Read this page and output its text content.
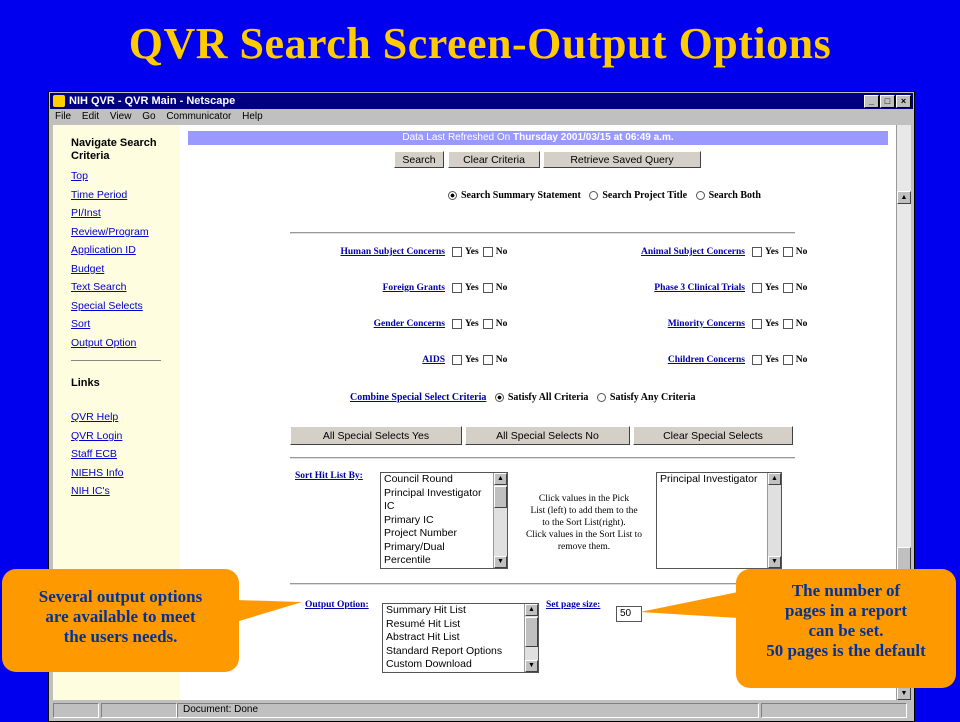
QVR Search Screen-Output Options
NIH QVR - QVR Main - Netscape	_	□	×
File Edit View Go Communicator Help
Navigate Search Criteria
Top
Time Period
PI/Inst
Review/Program
Application ID
Budget
Text Search
Special Selects
Sort
Output Option
Links
QVR Help
QVR Login
Staff ECB
NIEHS Info
NIH IC's
Data Last Refreshed On Thursday 2001/03/15 at 06:49 a.m.
Search	Clear Criteria	Retrieve Saved Query
Search Summary Statement Search Project Title Search Both
Human Subject Concerns	Yes No	Animal Subject Concerns	Yes No
Foreign Grants	Yes No	Phase 3 Clinical Trials	Yes No
Gender Concerns	Yes No	Minority Concerns	Yes No
AIDS	Yes No	Children Concerns	Yes No
Combine Special Select Criteria Satisfy All Criteria Satisfy Any Criteria
All Special Selects Yes	All Special Selects No	Clear Special Selects
Sort Hit List By: Council Round
Principal Investigator
IC
Primary IC
Project Number
Primary/Dual
Percentile
▲
▼
Click values in the Pick
List (left) to add them to the
to the Sort List(right).
Click values in the Sort List to
remove them.
Principal Investigator	▲
▼
Output Option: Summary Hit List
Resumé Hit List
Abstract Hit List
Standard Report Options
Custom Download
▲
▼
Set page size:
50
▲
▼
Document: Done
Several output options
are available to meet
the users needs.
The number of
pages in a report
can be set.
50 pages is the default
